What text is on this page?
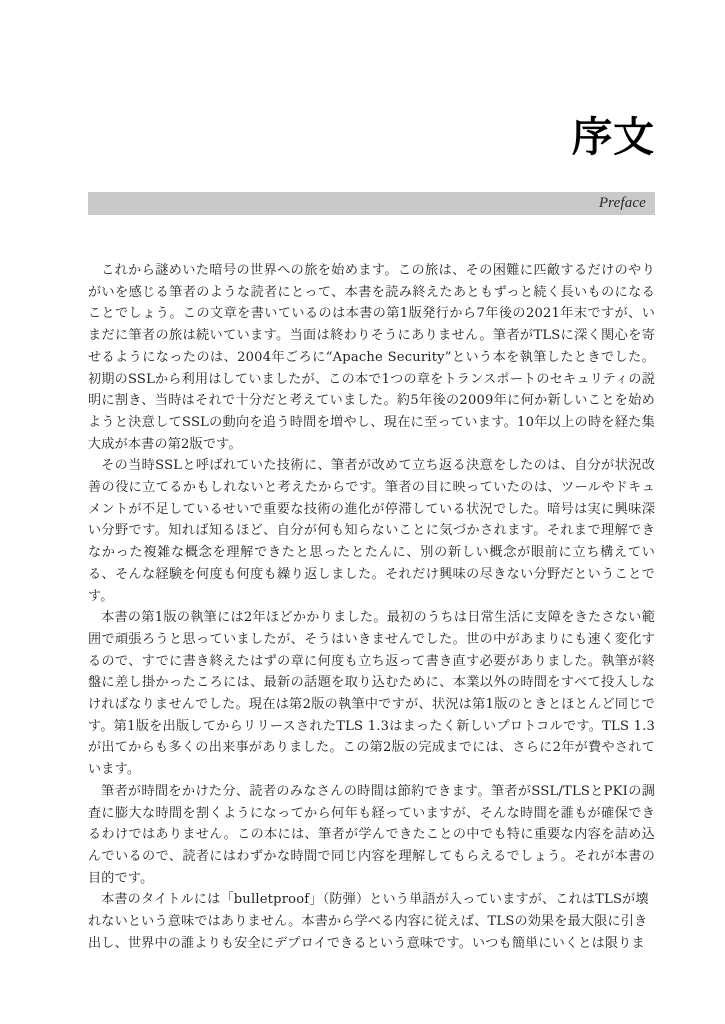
序文
Preface

これから謎めいた暗号の世界への旅を始めます。この旅は、その困難に匹敵するだけのやりがいを感じる筆者のような読者にとって、本書を読み終えたあともずっと続く長いものになることでしょう。この文章を書いているのは本書の第1版発行から7年後の2021年末ですが、いまだに筆者の旅は続いています。当面は終わりそうにありません。筆者がTLSに深く関心を寄せるようになったのは、2004年ごろに“Apache Security”という本を執筆したときでした。初期のSSLから利用はしていましたが、この本で1つの章をトランスポートのセキュリティの説明に割き、当時はそれで十分だと考えていました。約5年後の2009年に何か新しいことを始めようと決意してSSLの動向を追う時間を増やし、現在に至っています。10年以上の時を経た集大成が本書の第2版です。

その当時SSLと呼ばれていた技術に、筆者が改めて立ち返る決意をしたのは、自分が状況改善の役に立てるかもしれないと考えたからです。筆者の目に映っていたのは、ツールやドキュメントが不足しているせいで重要な技術の進化が停滞している状況でした。暗号は実に興味深い分野です。知れば知るほど、自分が何も知らないことに気づかされます。それまで理解できなかった複雑な概念を理解できたと思ったとたんに、別の新しい概念が眼前に立ち構えている、そんな経験を何度も何度も繰り返しました。それだけ興味の尽きない分野だということです。

本書の第1版の執筆には2年ほどかかりました。最初のうちは日常生活に支障をきたさない範囲で頑張ろうと思っていましたが、そうはいきませんでした。世の中があまりにも速く変化するので、すでに書き終えたはずの章に何度も立ち返って書き直す必要がありました。執筆が終盤に差し掛かったころには、最新の話題を取り込むために、本業以外の時間をすべて投入しなければなりませんでした。現在は第2版の執筆中ですが、状況は第1版のときとほとんど同じです。第1版を出版してからリリースされたTLS 1.3はまったく新しいプロトコルです。TLS 1.3が出てからも多くの出来事がありました。この第2版の完成までには、さらに2年が費やされています。

筆者が時間をかけた分、読者のみなさんの時間は節約できます。筆者がSSL/TLSとPKIの調査に膨大な時間を割くようになってから何年も経っていますが、そんな時間を誰もが確保できるわけではありません。この本には、筆者が学んできたことの中でも特に重要な内容を詰め込んでいるので、読者にはわずかな時間で同じ内容を理解してもらえるでしょう。それが本書の目的です。

本書のタイトルには「bulletproof」（防弾）という単語が入っていますが、これはTLSが壊れないという意味ではありません。本書から学べる内容に従えば、TLSの効果を最大限に引き出し、世界中の誰よりも安全にデプロイできるという意味です。いつも簡単にいくとは限りま
